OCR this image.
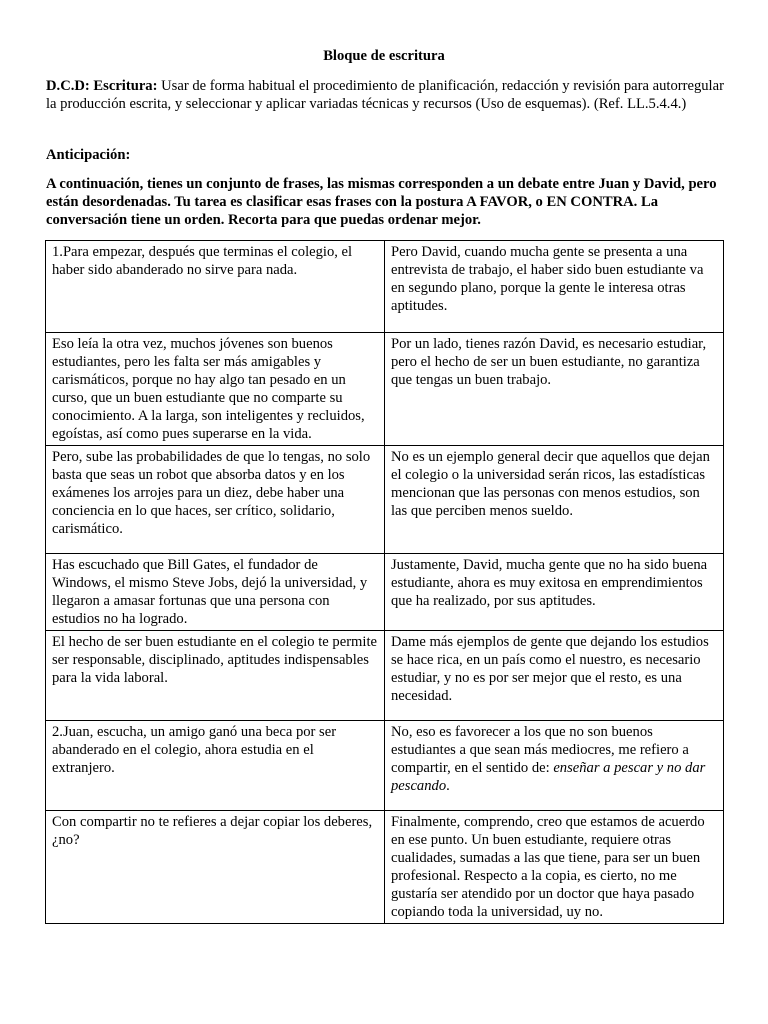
Bloque de escritura
D.C.D: Escritura: Usar de forma habitual el procedimiento de planificación, redacción y revisión para autorregular la producción escrita, y seleccionar y aplicar variadas técnicas y recursos (Uso de esquemas). (Ref. LL.5.4.4.)
Anticipación:
A continuación, tienes un conjunto de frases, las mismas corresponden a un debate entre Juan y David, pero están desordenadas. Tu tarea es clasificar esas frases con la postura A FAVOR, o EN CONTRA. La conversación tiene un orden. Recorta para que puedas ordenar mejor.
1.Para empezar, después que terminas el colegio, el haber sido abanderado no sirve para nada.	Pero David, cuando mucha gente se presenta a una entrevista de trabajo, el haber sido buen estudiante va en segundo plano, porque la gente le interesa otras aptitudes.
Eso leía la otra vez, muchos jóvenes son buenos estudiantes, pero les falta ser más amigables y carismáticos, porque no hay algo tan pesado en un curso, que un buen estudiante que no comparte su conocimiento. A la larga, son inteligentes y recluidos, egoístas, así como pues superarse en la vida.	Por un lado, tienes razón David, es necesario estudiar, pero el hecho de ser un buen estudiante, no garantiza que tengas un buen trabajo.
Pero, sube las probabilidades de que lo tengas, no solo basta que seas un robot que absorba datos y en los exámenes los arrojes para un diez, debe haber una conciencia en lo que haces, ser crítico, solidario, carismático.	No es un ejemplo general decir que aquellos que dejan el colegio o la universidad serán ricos, las estadísticas mencionan que las personas con menos estudios, son las que perciben menos sueldo.
Has escuchado que Bill Gates, el fundador de Windows, el mismo Steve Jobs, dejó la universidad, y llegaron a amasar fortunas que una persona con estudios no ha logrado.	Justamente, David, mucha gente que no ha sido buena estudiante, ahora es muy exitosa en emprendimientos que ha realizado, por sus aptitudes.
El hecho de ser buen estudiante en el colegio te permite ser responsable, disciplinado, aptitudes indispensables para la vida laboral.	Dame más ejemplos de gente que dejando los estudios se hace rica, en un país como el nuestro, es necesario estudiar, y no es por ser mejor que el resto, es una necesidad.
2.Juan, escucha, un amigo ganó una beca por ser abanderado en el colegio, ahora estudia en el extranjero.	No, eso es favorecer a los que no son buenos estudiantes a que sean más mediocres, me refiero a compartir, en el sentido de: enseñar a pescar y no dar pescando.
Con compartir no te refieres a dejar copiar los deberes, ¿no?	Finalmente, comprendo, creo que estamos de acuerdo en ese punto. Un buen estudiante, requiere otras cualidades, sumadas a las que tiene, para ser un buen profesional. Respecto a la copia, es cierto, no me gustaría ser atendido por un doctor que haya pasado copiando toda la universidad, uy no.
